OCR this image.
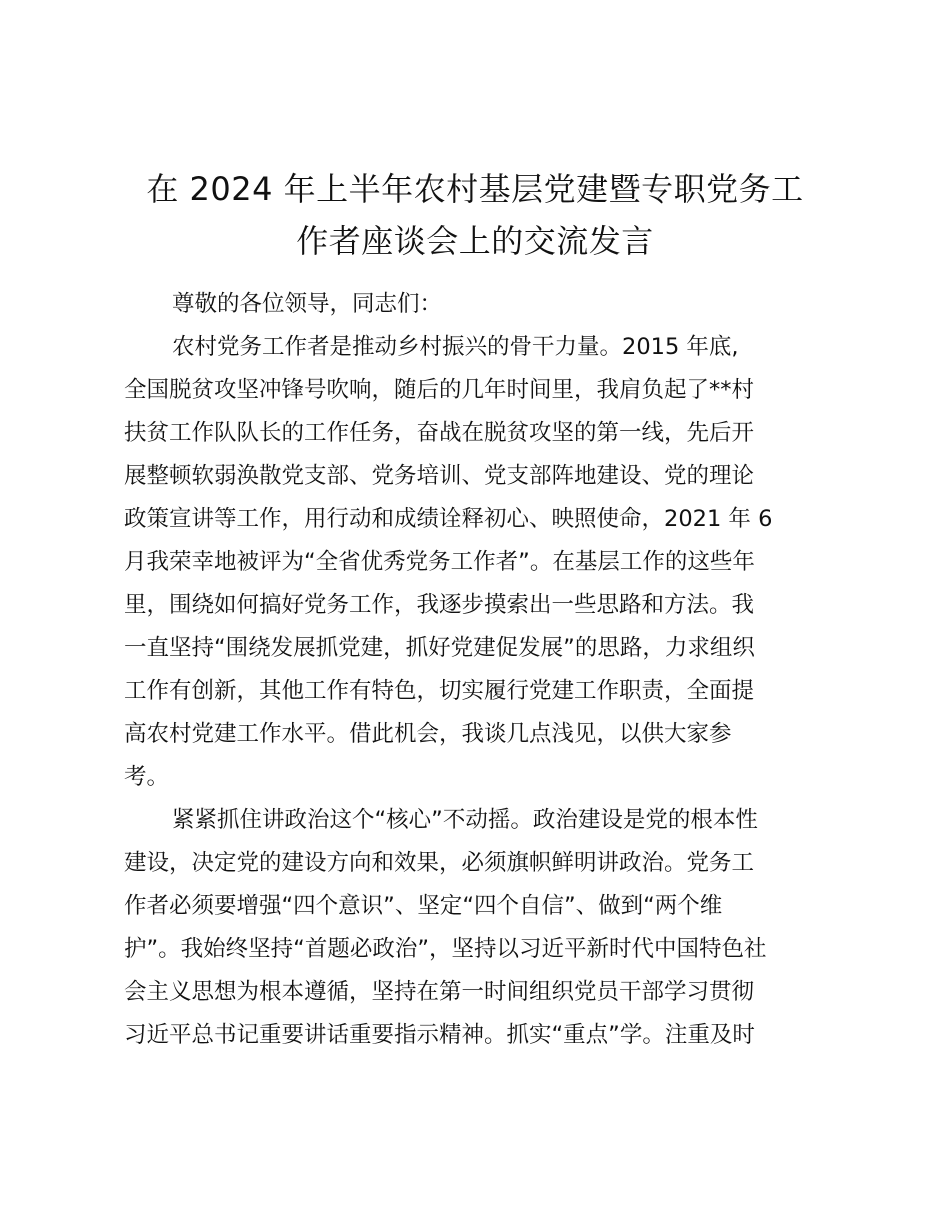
在 2024 年上半年农村基层党建暨专职党务工
作者座谈会上的交流发言
尊敬的各位领导，同志们：
农村党务工作者是推动乡村振兴的骨干力量。2015 年底,
全国脱贫攻坚冲锋号吹响，随后的几年时间里，我肩负起了**村
扶贫工作队队长的工作任务，奋战在脱贫攻坚的第一线，先后开
展整顿软弱涣散党支部、党务培训、党支部阵地建设、党的理论
政策宣讲等工作，用行动和成绩诠释初心、映照使命，2021 年 6
月我荣幸地被评为“全省优秀党务工作者”。在基层工作的这些年
里，围绕如何搞好党务工作，我逐步摸索出一些思路和方法。我
一直坚持“围绕发展抓党建，抓好党建促发展”的思路，力求组织
工作有创新，其他工作有特色，切实履行党建工作职责，全面提
高农村党建工作水平。借此机会，我谈几点浅见，以供大家参
考。
紧紧抓住讲政治这个“核心”不动摇。政治建设是党的根本性
建设，决定党的建设方向和效果，必须旗帜鲜明讲政治。党务工
作者必须要增强“四个意识”、坚定“四个自信”、做到“两个维
护”。我始终坚持“首题必政治”，坚持以习近平新时代中国特色社
会主义思想为根本遵循，坚持在第一时间组织党员干部学习贯彻
习近平总书记重要讲话重要指示精神。抓实“重点”学。注重及时
